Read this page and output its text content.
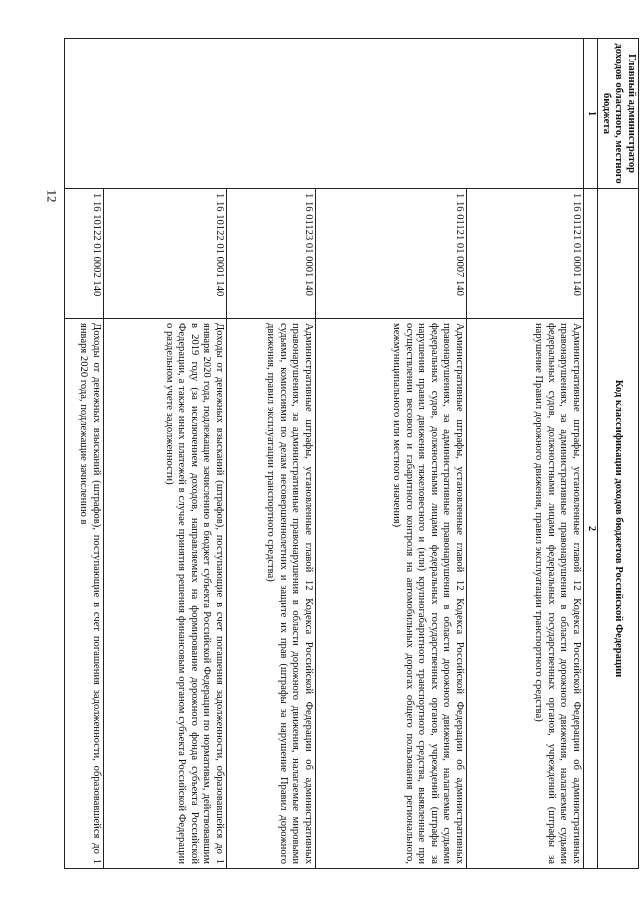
12
Главный администратор доходов областного, местного бюджета	Код классификации доходов бюджетов Российской Федерации	
1	2	
	1 16 01121 01 0001 140	Административные штрафы, установленные главой 12 Кодекса Российской Федерации об административных правонарушениях, за административные правонарушения в области дорожного движения, налагаемые судьями федеральных судов, должностными лицами федеральных государственных органов, учреждений (штрафы за нарушение Правил дорожного движения, правил эксплуатации транспортного средства)
	1 16 01121 01 0007 140	Административные штрафы, установленные главой 12 Кодекса Российской Федерации об административных правонарушениях, за административные правонарушения в области дорожного движения, налагаемые судьями федеральных судов, должностными лицами федеральных государственных органов, учреждений (штрафы за нарушения правил движения тяжеловесного и (или) крупногабаритного транспортного средства, выявленные при осуществлении весового и габаритного контроля на автомобильных дорогах общего пользования регионального, межмуниципального или местного значения)
	1 16 01123 01 0001 140	Административные штрафы, установленные главой 12 Кодекса Российской Федерации об административных правонарушениях, за административные правонарушения в области дорожного движения, налагаемые мировыми судьями, комиссиями по делам несовершеннолетних и защите их прав (штрафы за нарушение Правил дорожного движения, правил эксплуатации транспортного средства)
	1 16 10122 01 0001 140	Доходы от денежных взысканий (штрафов), поступающие в счет погашения задолженности, образовавшейся до 1 января 2020 года, подлежащие зачислению в бюджет субъекта Российской Федерации по нормативам, действовавшим в 2019 году (за исключением доходов, направляемых на формирование дорожного фонда субъекта Российской Федерации, а также иных платежей в случае принятия решения финансовым органом субъекта Российской Федерации о раздельном учете задолженности)
	1 16 10122 01 0002 140	Доходы от денежных взысканий (штрафов), поступающие в счет погашения задолженности, образовавшейся до 1 января 2020 года, подлежащие зачислению в
